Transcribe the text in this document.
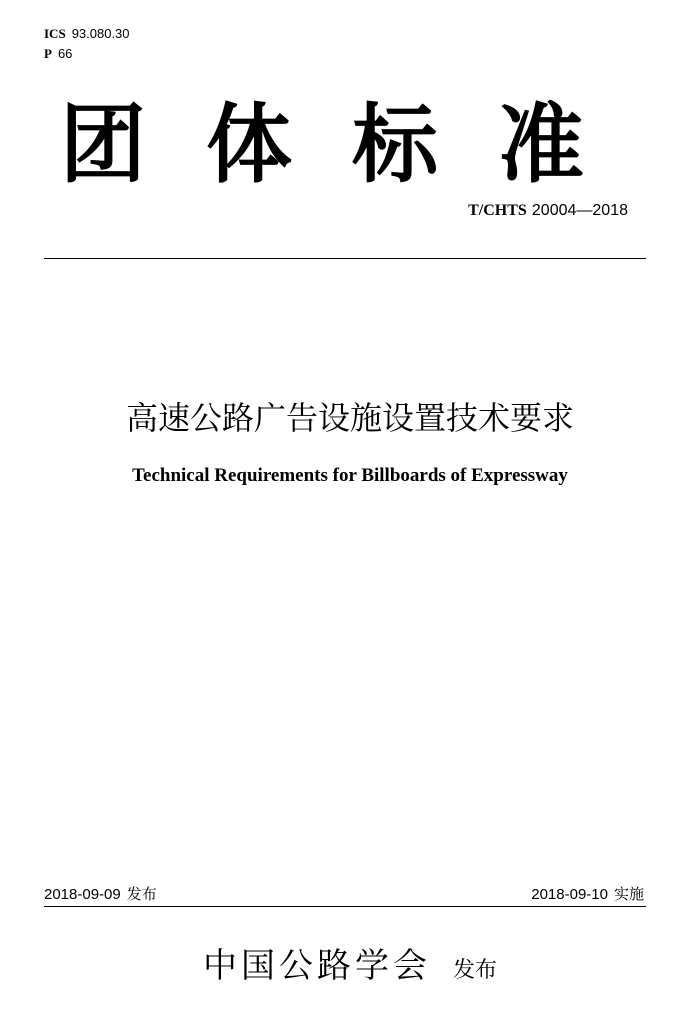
ICS 93.080.30
P 66
团体标准
T/CHTS 20004—2018
高速公路广告设施设置技术要求
Technical Requirements for Billboards of Expressway
2018-09-09 发布	2018-09-10 实施
中国公路学会 发布
